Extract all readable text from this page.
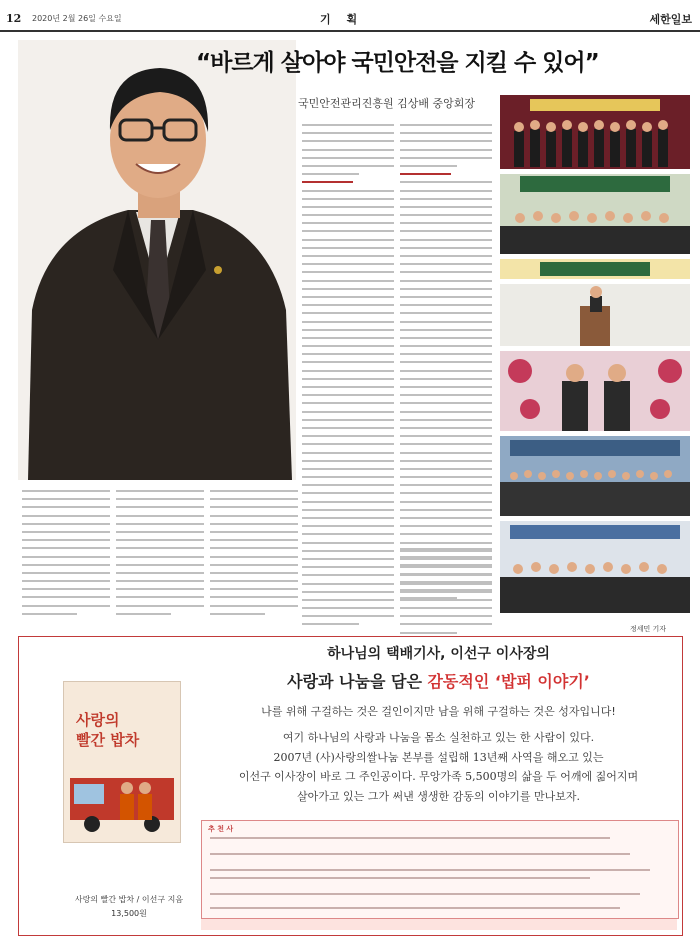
12 2020년 2월 26일 수요일	기 획	세한일보
“바르게 살아야 국민안전을 지킬 수 있어”
국민안전관리진흥원 김상배 중앙회장
정세민 기자
사랑의
빨간 밥차
사랑의 빨간 밥차 / 이선구 지음
13,500원
하나님의 택배기사, 이선구 이사장의
사랑과 나눔을 담은 감동적인 ‘밥퍼 이야기’
나를 위해 구걸하는 것은 걸인이지만 남을 위해 구걸하는 것은 성자입니다!
여기 하나님의 사랑과 나눔을 몸소 실천하고 있는 한 사람이 있다.
2007년 (사)사랑의쌀나눔 본부를 설립해 13년째 사역을 해오고 있는
이선구 이사장이 바로 그 주인공이다. 무앙가족 5,500명의 삶을 두 어깨에 짊어지며
살아가고 있는 그가 써낸 생생한 감동의 이야기를 만나보자.
추 천 사
